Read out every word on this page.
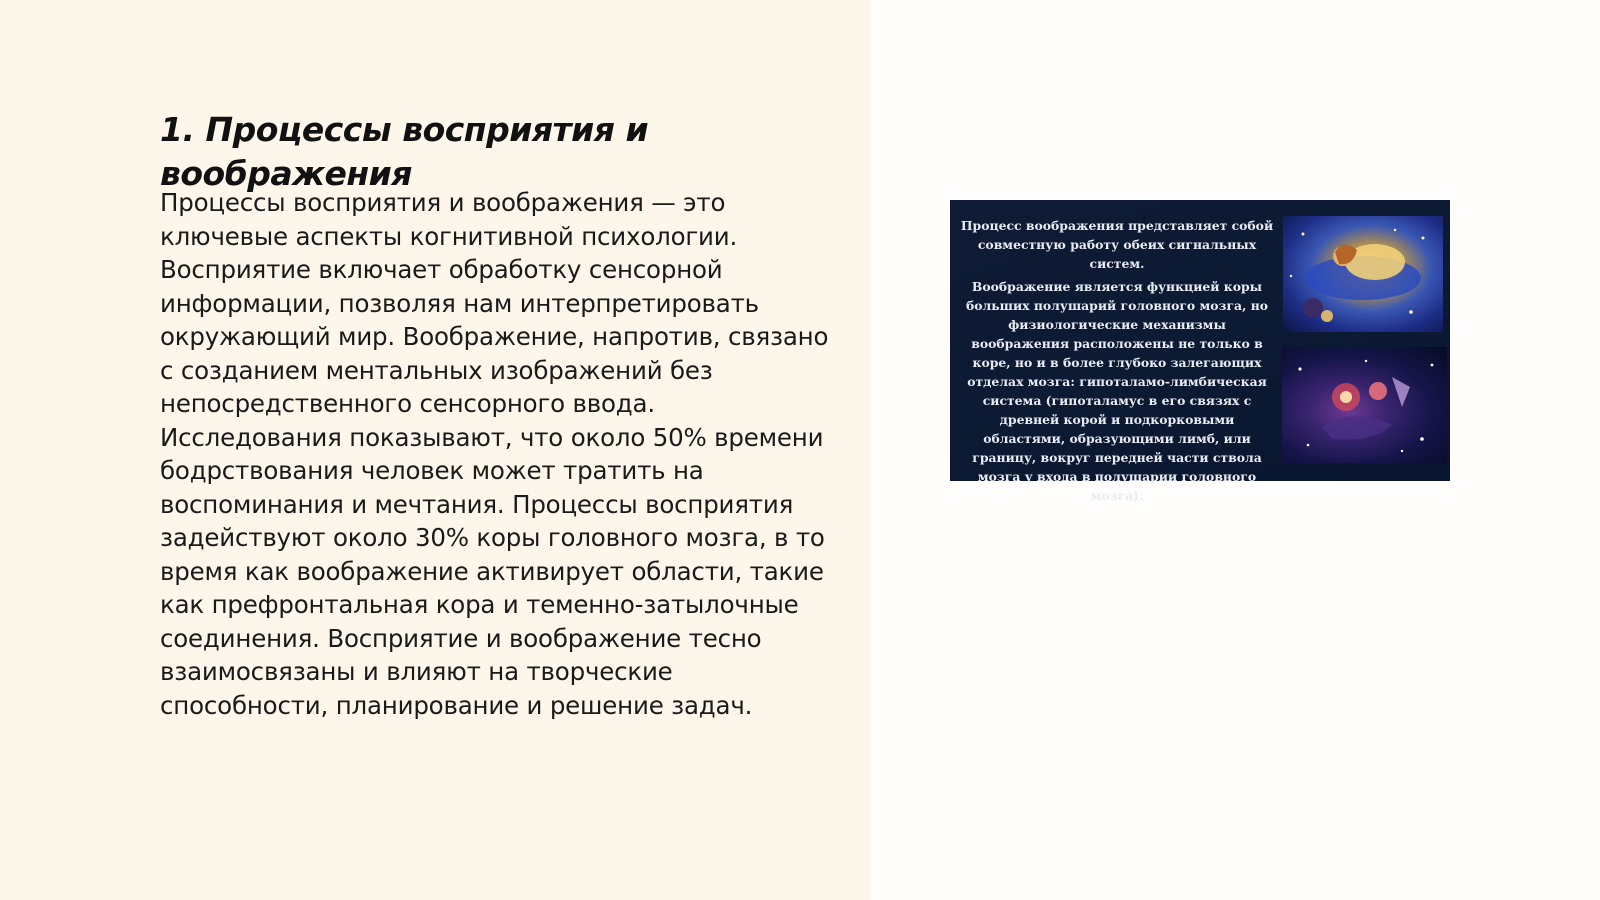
1. Процессы восприятия и воображения

Процессы восприятия и воображения — это ключевые аспекты когнитивной психологии. Восприятие включает обработку сенсорной информации, позволяя нам интерпретировать окружающий мир. Воображение, напротив, связано с созданием ментальных изображений без непосредственного сенсорного ввода. Исследования показывают, что около 50% времени бодрствования человек может тратить на воспоминания и мечтания. Процессы восприятия задействуют около 30% коры головного мозга, в то время как воображение активирует области, такие как префронтальная кора и теменно-затылочные соединения. Восприятие и воображение тесно взаимосвязаны и влияют на творческие способности, планирование и решение задач.

Процесс воображения представляет собой совместную работу обеих сигнальных систем.

Воображение является функцией коры больших полушарий головного мозга, но физиологические механизмы воображения расположены не только в коре, но и в более глубоко залегающих отделах мозга: гипоталамо-лимбическая система (гипоталамус в его связях с древней корой и подкорковыми областями, образующими лимб, или границу, вокруг передней части ствола мозга у входа в полушарии головного мозга).
